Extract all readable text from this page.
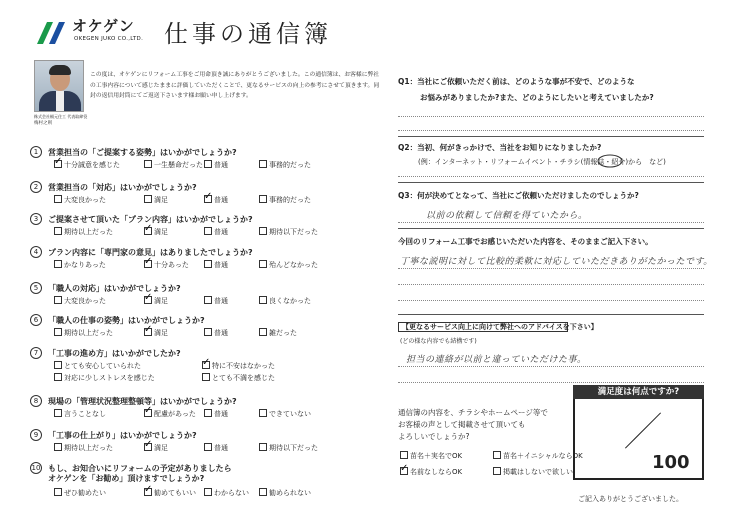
オケゲン
OKEGEN JUKO CO.,LTD. 仕事の通信簿
株式会社桶元住工 代表取締役
梅村之則
この度は、オケゲンにリフォーム工事をご用命頂き誠にありがとうございました。この通信簿は、お客様に弊社の工事内容について感じたままに評価していただくことで、更なるサービスの向上の参考にさせて頂きます。同封の返信用封筒にてご返送下さいます様お願い申し上げます。
1	営業担当の「ご提案する姿勢」はいかがでしょうか?
✓十分誠意を感じた	一生懸命だった	普通	事務的だった
2	営業担当の「対応」はいかがでしょうか?
大変良かった	満足 ✓	普通	事務的だった
3	ご提案させて頂いた「プラン内容」はいかがでしょうか?
期待以上だった ✓	満足	普通	期待以下だった
4	プラン内容に「専門家の意見」はありましたでしょうか?
かなりあった ✓	十分あった	普通	殆んどなかった
5	「職人の対応」はいかがでしょうか?
大変良かった ✓	満足	普通	良くなかった
6	「職人の仕事の姿勢」はいかがでしょうか?
期待以上だった ✓	満足	普通	雑だった
7	「工事の進め方」はいかがでしたか?
とても安心していられた ✓	特に不安はなかった
対応に少しストレスを感じた	とても不満を感じた
8	現場の「管理状況整理整頓等」はいかがでしょうか?
言うことなし ✓	配慮があった	普通	できていない
9	「工事の仕上がり」はいかがでしょうか?
期待以上だった ✓	満足	普通	期待以下だった
10 もし、お知合いにリフォームの予定がありましたら
オケゲンを「お勧め」頂けますでしょうか?
ぜひ勧めたい ✓	勧めてもいい	わからない	勧められない
Q1：当社にご依頼いただく前は、どのような事が不安で、どのような
お悩みがありましたか?また、どのようにしたいと考えていましたか?
Q2：当初、何がきっかけで、当社をお知りになりましたか?
(例：インターネット・リフォームイベント・チラシ(情報誌・紹介)から　など)
Q3：何が決めてとなって、当社にご依頼いただけましたのでしょうか?
以前の依頼して信頼を得ていたから。
今回のリフォーム工事でお感じいただいた内容を、そのままご記入下さい。
丁寧な説明に対して比較的柔軟に対応していただきありがたかったです。
【更なるサービス向上に向けて弊社へのアドバイスを下さい】
(どの様な内容でも結構です)
担当の連絡が以前と違っていただけた事。
通信簿の内容を、チラシやホームページ等で
お客様の声として掲載させて頂いても
よろしいでしょうか?
苗名＋実名でOK	苗名＋イニシャルならOK
✓名前なしならOK	掲載はしないで欲しい
満足度は何点ですか?
100
ご記入ありがとうございました。
